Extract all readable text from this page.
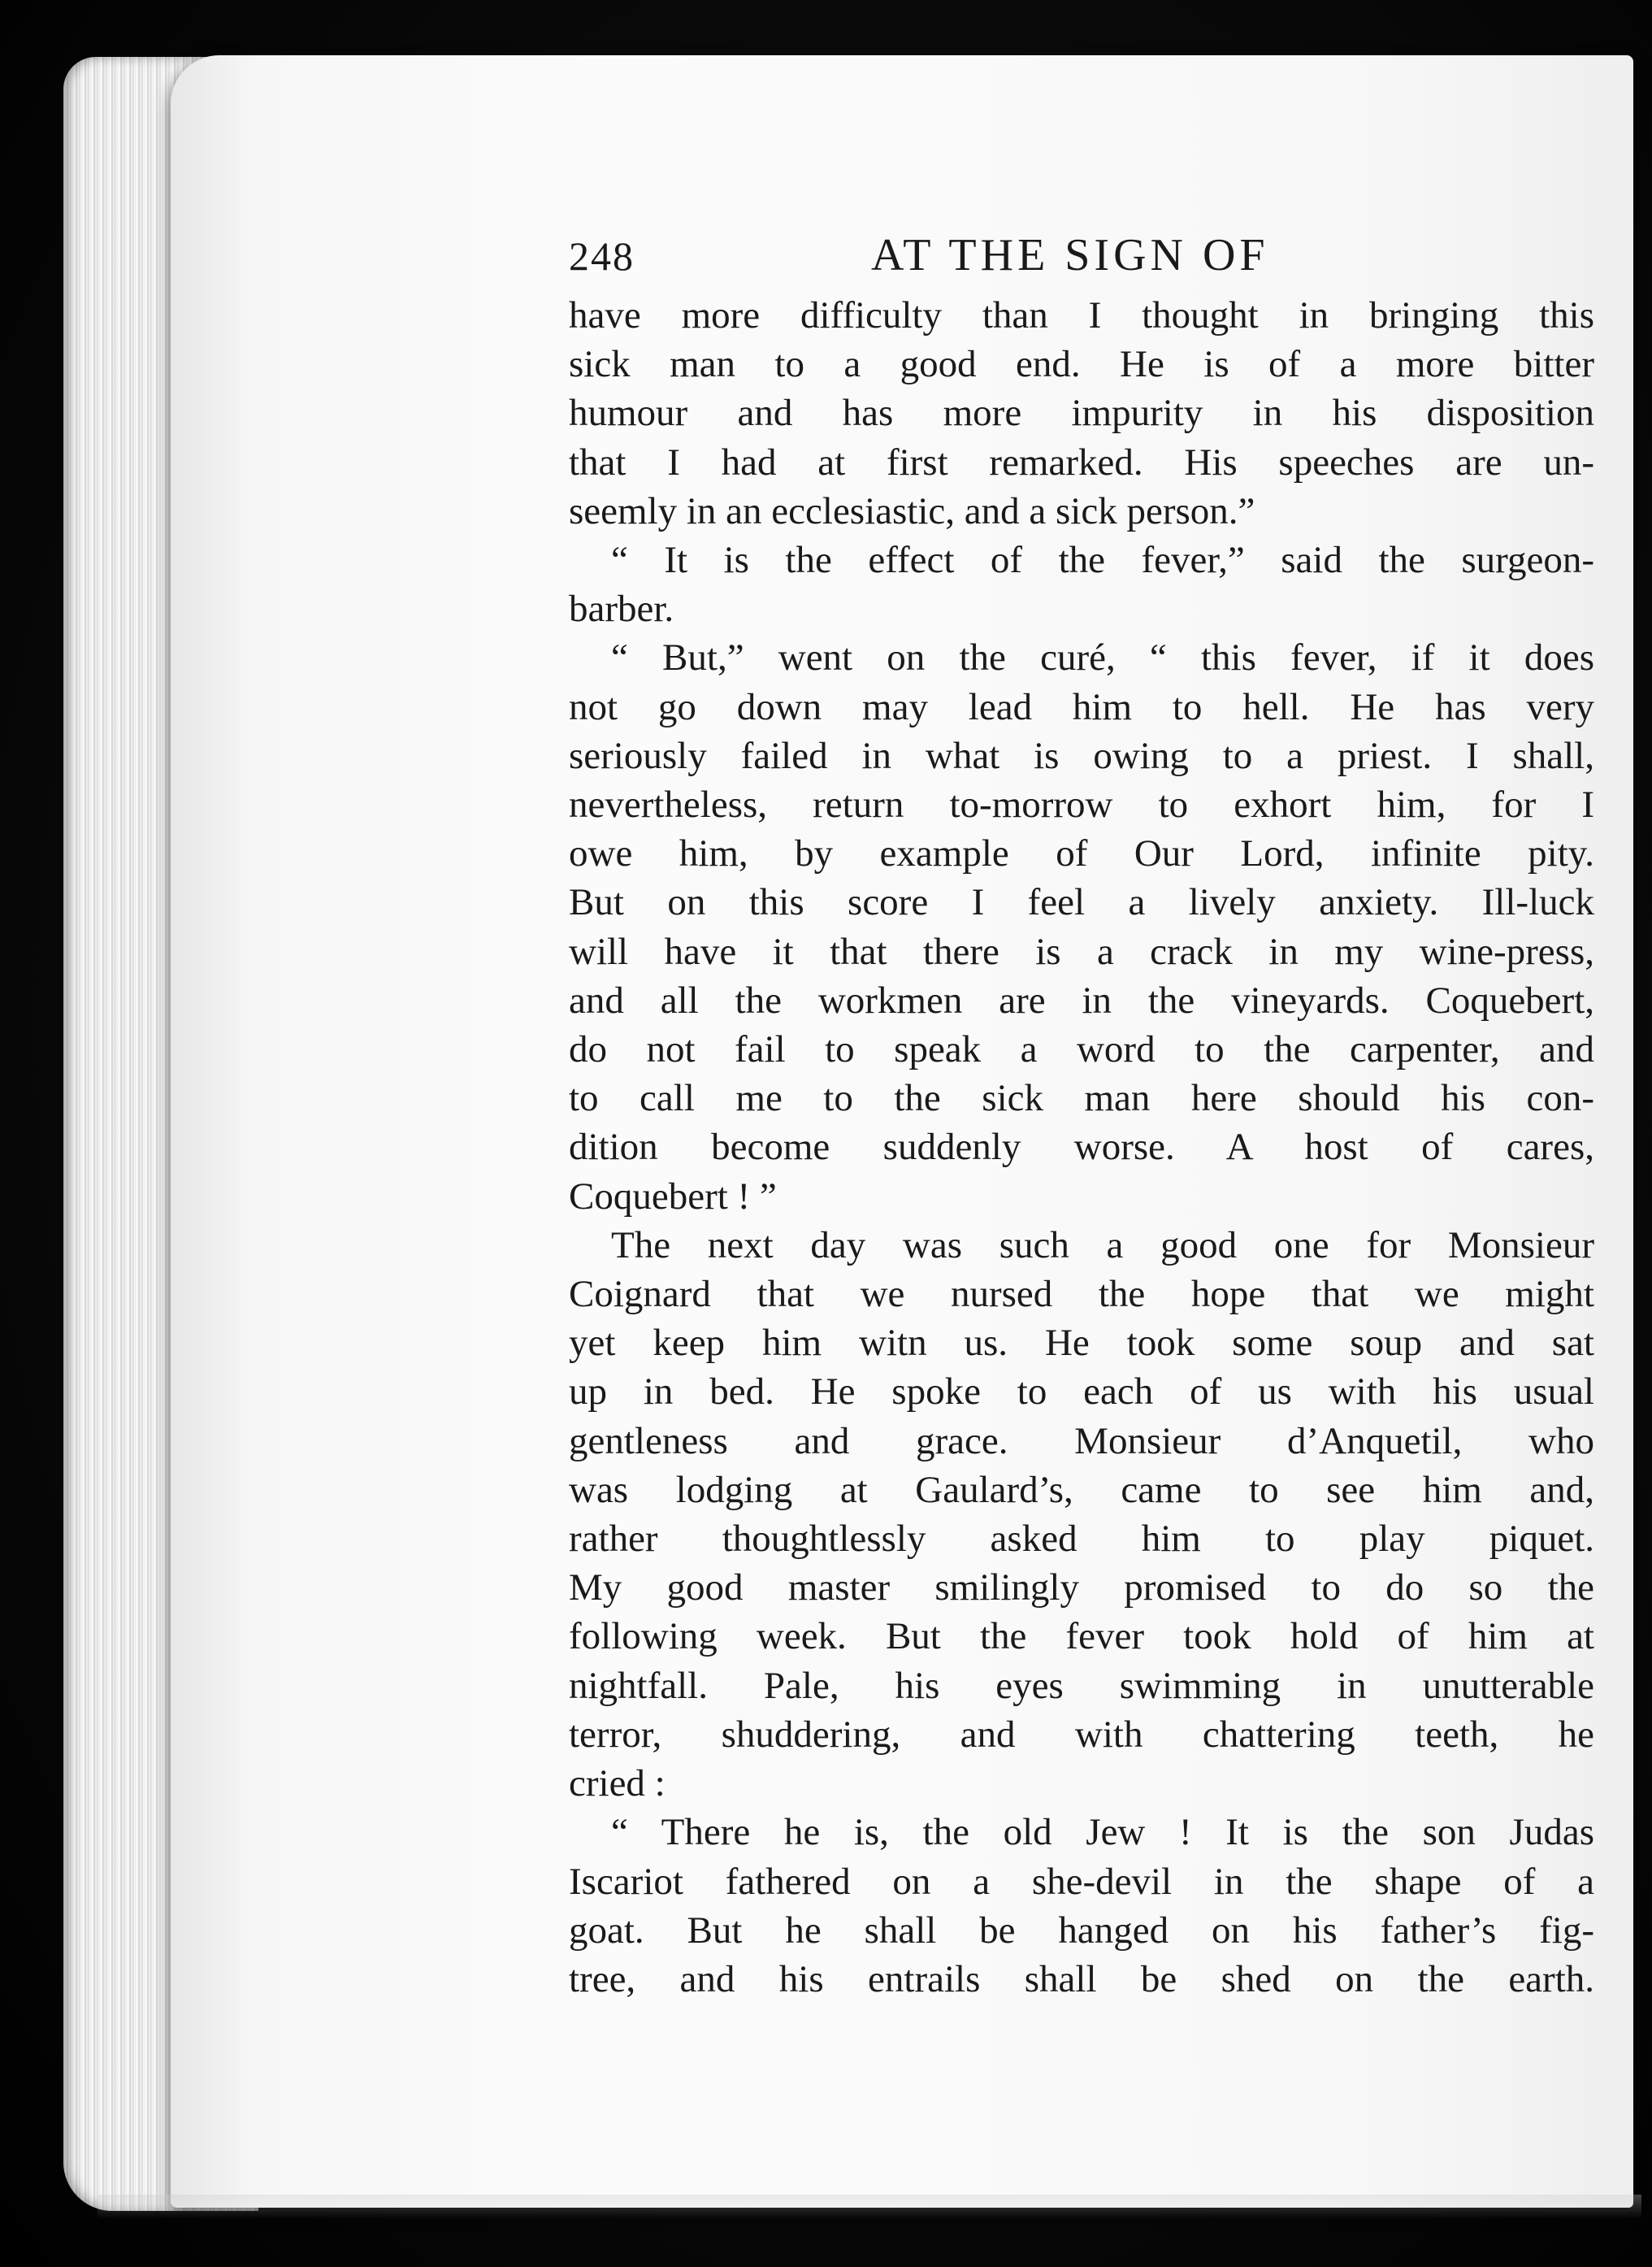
248	AT THE SIGN OF
have more difficulty than I thought in bringing this
sick man to a good end. He is of a more bitter
humour and has more impurity in his disposition
that I had at first remarked. His speeches are un-
seemly in an ecclesiastic, and a sick person.”
“ It is the effect of the fever,” said the surgeon-
barber.
“ But,” went on the curé, “ this fever, if it does
not go down may lead him to hell. He has very
seriously failed in what is owing to a priest. I shall,
nevertheless, return to-morrow to exhort him, for I
owe him, by example of Our Lord, infinite pity.
But on this score I feel a lively anxiety. Ill-luck
will have it that there is a crack in my wine-press,
and all the workmen are in the vineyards. Coquebert,
do not fail to speak a word to the carpenter, and
to call me to the sick man here should his con-
dition become suddenly worse. A host of cares,
Coquebert ! ”
The next day was such a good one for Monsieur
Coignard that we nursed the hope that we might
yet keep him witn us. He took some soup and sat
up in bed. He spoke to each of us with his usual
gentleness and grace. Monsieur d’Anquetil, who
was lodging at Gaulard’s, came to see him and,
rather thoughtlessly asked him to play piquet.
My good master smilingly promised to do so the
following week. But the fever took hold of him at
nightfall. Pale, his eyes swimming in unutterable
terror, shuddering, and with chattering teeth, he
cried :
“ There he is, the old Jew ! It is the son Judas
Iscariot fathered on a she-devil in the shape of a
goat. But he shall be hanged on his father’s fig-
tree, and his entrails shall be shed on the earth.
